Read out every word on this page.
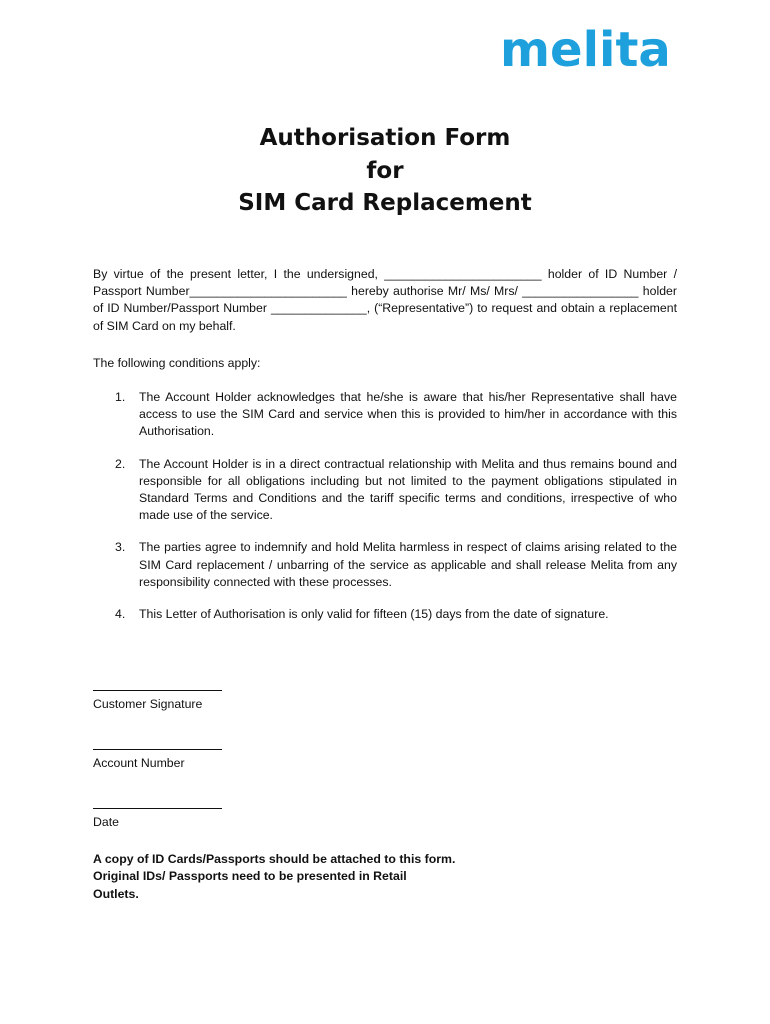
melita
Authorisation Form
for
SIM Card Replacement

By virtue of the present letter, I the undersigned, _______________________ holder of ID Number / Passport Number_______________________ hereby authorise Mr/ Ms/ Mrs/ _________________ holder of ID Number/Passport Number ______________, (“Representative”) to request and obtain a replacement of SIM Card on my behalf.

The following conditions apply:

1.	The Account Holder acknowledges that he/she is aware that his/her Representative shall have access to use the SIM Card and service when this is provided to him/her in accordance with this Authorisation.
2.	The Account Holder is in a direct contractual relationship with Melita and thus remains bound and responsible for all obligations including but not limited to the payment obligations stipulated in Standard Terms and Conditions and the tariff specific terms and conditions, irrespective of who made use of the service.
3.	The parties agree to indemnify and hold Melita harmless in respect of claims arising related to the SIM Card replacement / unbarring of the service as applicable and shall release Melita from any responsibility connected with these processes.
4.	This Letter of Authorisation is only valid for fifteen (15) days from the date of signature.
Customer Signature
Account Number
Date
A copy of ID Cards/Passports should be attached to this form.
Original IDs/ Passports need to be presented in Retail
Outlets.
